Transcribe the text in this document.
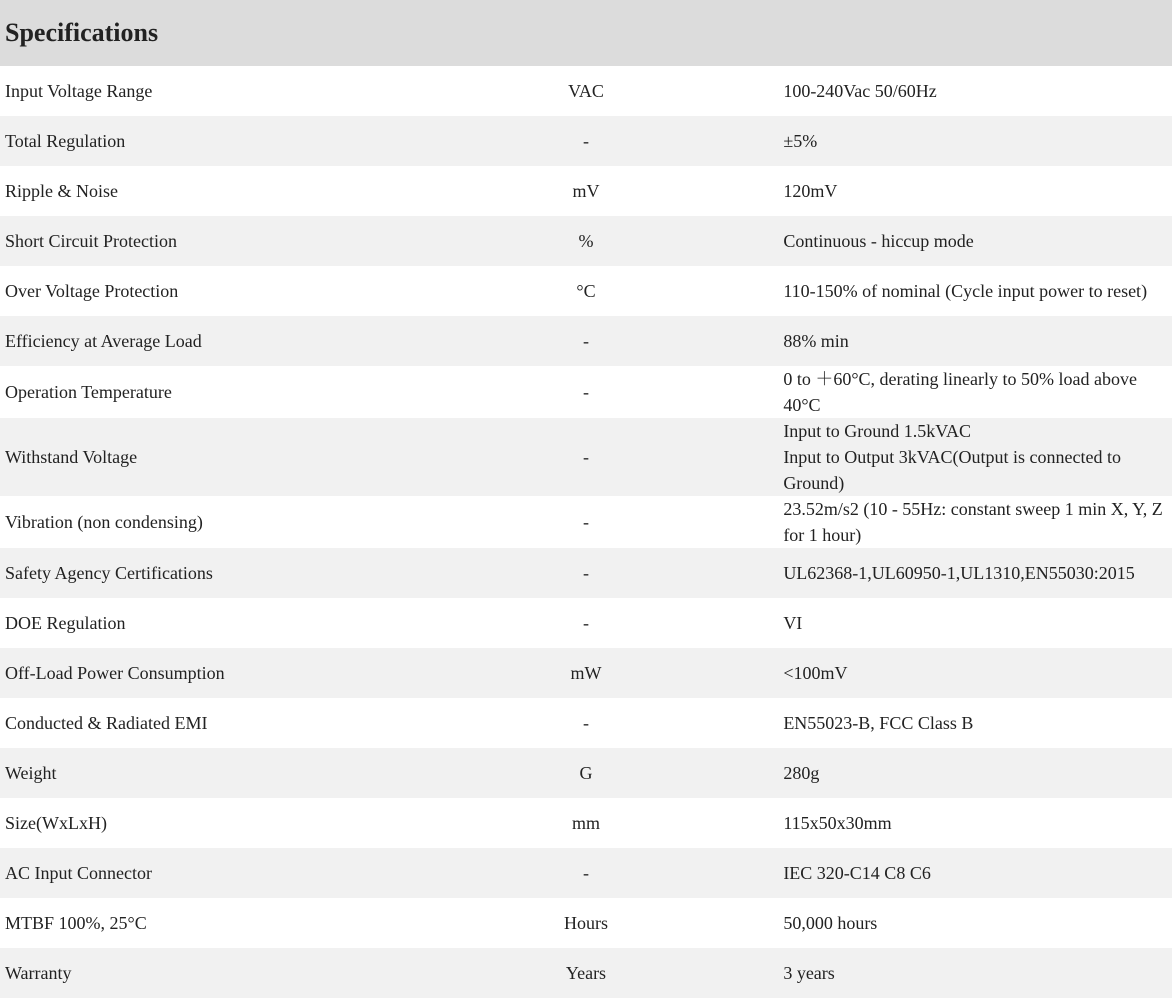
Specifications		
Input Voltage Range	VAC	100-240Vac 50/60Hz

Total Regulation	-	±5%

Ripple & Noise	mV	120mV

Short Circuit Protection	%	Continuous - hiccup mode

Over Voltage Protection	°C	110-150% of nominal (Cycle input power to reset)

Efficiency at Average Load	-	88% min

Operation Temperature	-	0 to ＋60°C, derating linearly to 50% load above 40°C

Withstand Voltage	-	Input to Ground 1.5kVAC
Input to Output 3kVAC(Output is connected to Ground)

Vibration (non condensing)	-	23.52m/s2 (10 - 55Hz: constant sweep 1 min X, Y, Z for 1 hour)

Safety Agency Certifications	-	UL62368-1,UL60950-1,UL1310,EN55030:2015

DOE Regulation	-	VI

Off-Load Power Consumption	mW	<100mV

Conducted & Radiated EMI	-	EN55023-B, FCC Class B

Weight	G	280g

Size(WxLxH)	mm	115x50x30mm

AC Input Connector	-	IEC 320-C14 C8 C6

MTBF 100%, 25°C	Hours	50,000 hours

Warranty	Years	3 years
